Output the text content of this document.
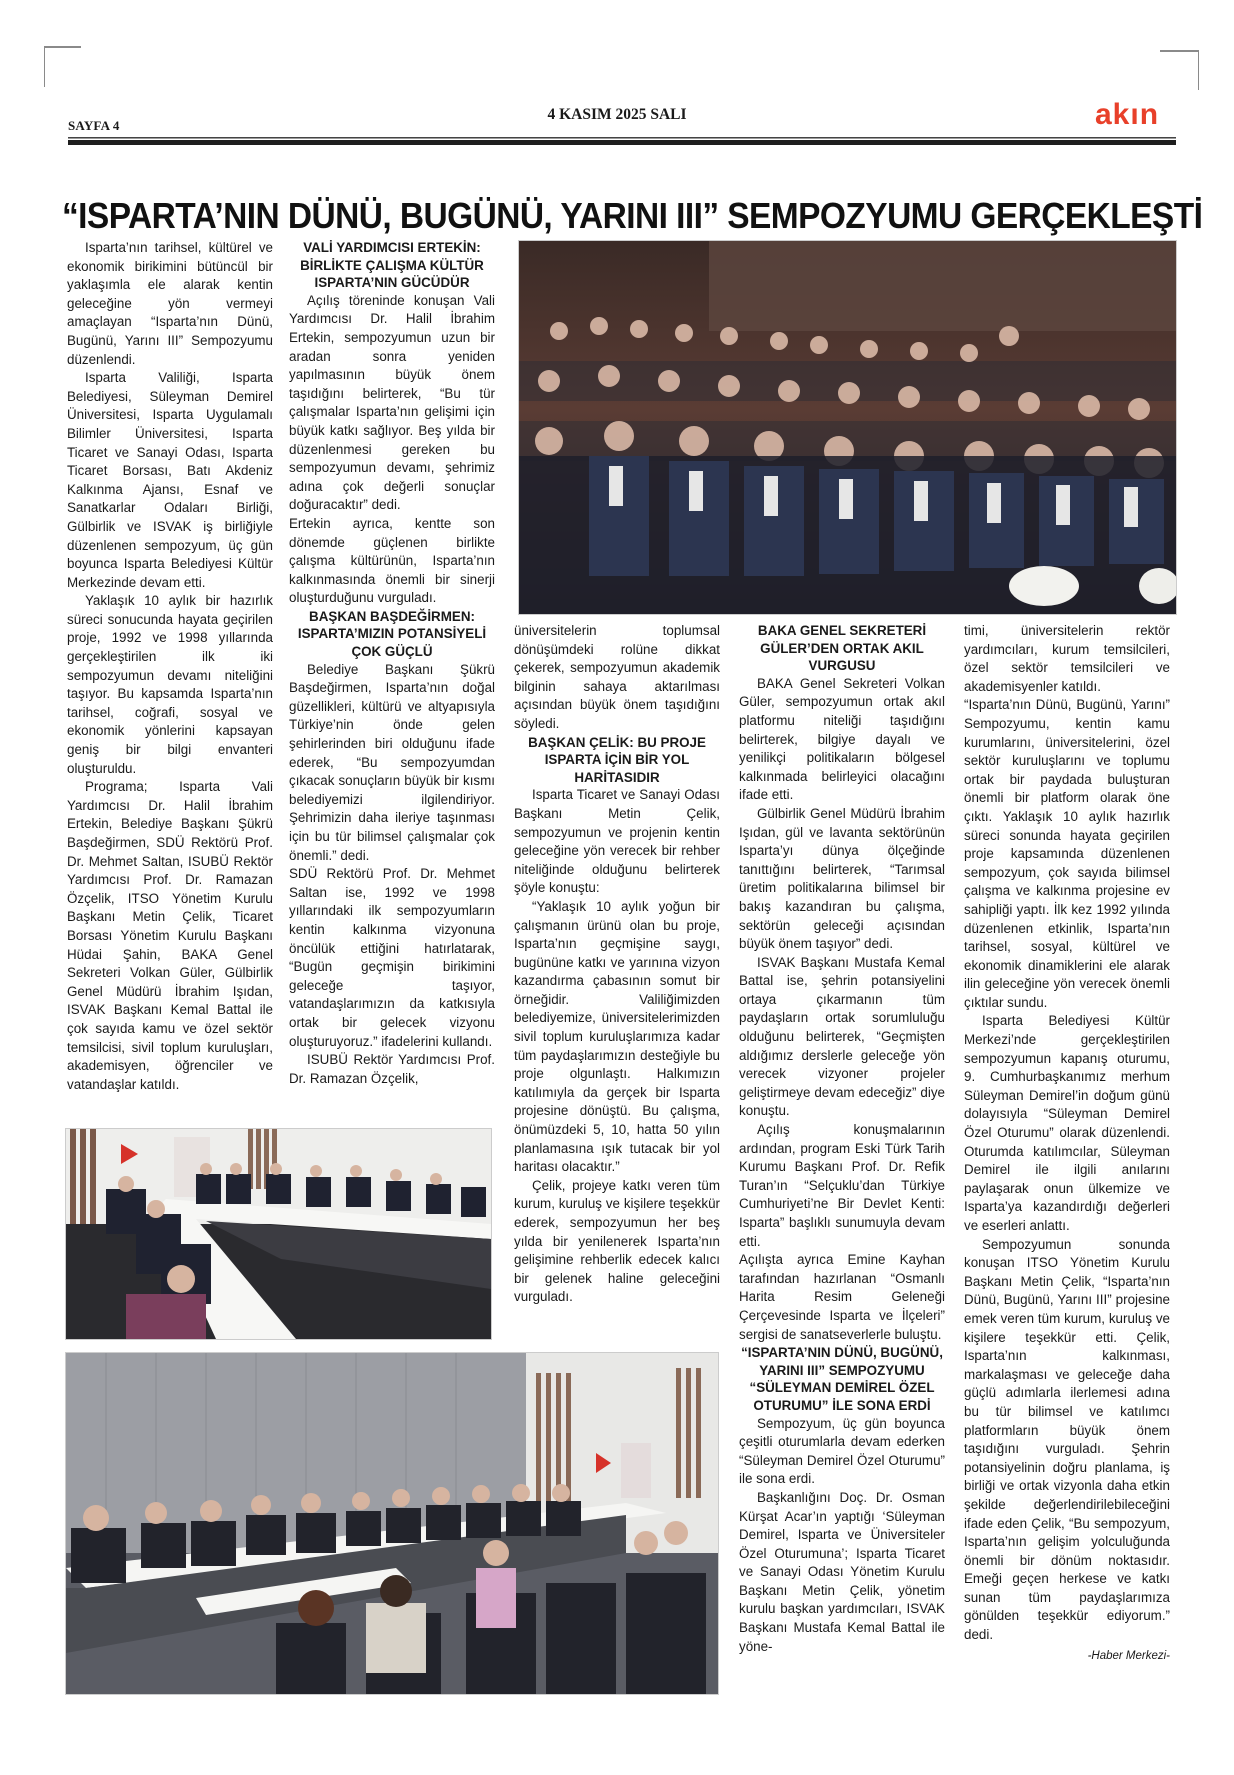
SAYFA 4
4 KASIM 2025 SALI	akın
“ISPARTA’NIN DÜNÜ, BUGÜNÜ, YARINI III” SEMPOZYUMU GERÇEKLEŞTİ

Isparta’nın tarihsel, kültürel ve ekonomik birikimini bütüncül bir yaklaşımla ele alarak kentin geleceğine yön vermeyi amaçlayan “Isparta’nın Dünü, Bugünü, Yarını III” Sempozyumu düzenlendi.

Isparta Valiliği, Isparta Belediyesi, Süleyman Demirel Üniversitesi, Isparta Uygulamalı Bilimler Üniversitesi, Isparta Ticaret ve Sanayi Odası, Isparta Ticaret Borsası, Batı Akdeniz Kalkınma Ajansı, Esnaf ve Sanatkarlar Odaları Birliği, Gülbirlik ve ISVAK iş birliğiyle düzenlenen sempozyum, üç gün boyunca Isparta Belediyesi Kültür Merkezinde devam etti.

Yaklaşık 10 aylık bir hazırlık süreci sonucunda hayata geçirilen proje, 1992 ve 1998 yıllarında gerçekleştirilen ilk iki sempozyumun devamı niteliğini taşıyor. Bu kapsamda Isparta’nın tarihsel, coğrafi, sosyal ve ekonomik yönlerini kapsayan geniş bir bilgi envanteri oluşturuldu.

Programa; Isparta Vali Yardımcısı Dr. Halil İbrahim Ertekin, Belediye Başkanı Şükrü Başdeğirmen, SDÜ Rektörü Prof. Dr. Mehmet Saltan, ISUBÜ Rektör Yardımcısı Prof. Dr. Ramazan Özçelik, ITSO Yönetim Kurulu Başkanı Metin Çelik, Ticaret Borsası Yönetim Kurulu Başkanı Hüdai Şahin, BAKA Genel Sekreteri Volkan Güler, Gülbirlik Genel Müdürü İbrahim Işıdan, ISVAK Başkanı Kemal Battal ile çok sayıda kamu ve özel sektör temsilcisi, sivil toplum kuruluşları, akademisyen, öğrenciler ve vatandaşlar katıldı.

VALİ YARDIMCISI ERTEKİN: BİRLİKTE ÇALIŞMA KÜLTÜR ISPARTA’NIN GÜCÜDÜR

Açılış töreninde konuşan Vali Yardımcısı Dr. Halil İbrahim Ertekin, sempozyumun uzun bir aradan sonra yeniden yapılmasının büyük önem taşıdığını belirterek, “Bu tür çalışmalar Isparta’nın gelişimi için büyük katkı sağlıyor. Beş yılda bir düzenlenmesi gereken bu sempozyumun devamı, şehrimiz adına çok değerli sonuçlar doğuracaktır” dedi.

Ertekin ayrıca, kentte son dönemde güçlenen birlikte çalışma kültürünün, Isparta’nın kalkınmasında önemli bir sinerji oluşturduğunu vurguladı.

BAŞKAN BAŞDEĞİRMEN: ISPARTA’MIZIN POTANSİYELİ ÇOK GÜÇLÜ

Belediye Başkanı Şükrü Başdeğirmen, Isparta’nın doğal güzellikleri, kültürü ve altyapısıyla Türkiye’nin önde gelen şehirlerinden biri olduğunu ifade ederek, “Bu sempozyumdan çıkacak sonuçların büyük bir kısmı belediyemizi ilgilendiriyor. Şehrimizin daha ileriye taşınması için bu tür bilimsel çalışmalar çok önemli.” dedi.

SDÜ Rektörü Prof. Dr. Mehmet Saltan ise, 1992 ve 1998 yıllarındaki ilk sempozyumların kentin kalkınma vizyonuna öncülük ettiğini hatırlatarak, “Bugün geçmişin birikimini geleceğe taşıyor, vatandaşlarımızın da katkısıyla ortak bir gelecek vizyonu oluşturuyoruz.” ifadelerini kullandı.

ISUBÜ Rektör Yardımcısı Prof. Dr. Ramazan Özçelik,

üniversitelerin toplumsal dönüşümdeki rolüne dikkat çekerek, sempozyumun akademik bilginin sahaya aktarılması açısından büyük önem taşıdığını söyledi.

BAŞKAN ÇELİK: BU PROJE ISPARTA İÇİN BİR YOL HARİTASIDIR

Isparta Ticaret ve Sanayi Odası Başkanı Metin Çelik, sempozyumun ve projenin kentin geleceğine yön verecek bir rehber niteliğinde olduğunu belirterek şöyle konuştu:

“Yaklaşık 10 aylık yoğun bir çalışmanın ürünü olan bu proje, Isparta’nın geçmişine saygı, bugününe katkı ve yarınına vizyon kazandırma çabasının somut bir örneğidir. Valiliğimizden belediyemize, üniversitelerimizden sivil toplum kuruluşlarımıza kadar tüm paydaşlarımızın desteğiyle bu proje olgunlaştı. Halkımızın katılımıyla da gerçek bir Isparta projesine dönüştü. Bu çalışma, önümüzdeki 5, 10, hatta 50 yılın planlamasına ışık tutacak bir yol haritası olacaktır.”

Çelik, projeye katkı veren tüm kurum, kuruluş ve kişilere teşekkür ederek, sempozyumun her beş yılda bir yenilenerek Isparta’nın gelişimine rehberlik edecek kalıcı bir gelenek haline geleceğini vurguladı.

BAKA GENEL SEKRETERİ GÜLER’DEN ORTAK AKIL VURGUSU

BAKA Genel Sekreteri Volkan Güler, sempozyumun ortak akıl platformu niteliği taşıdığını belirterek, bilgiye dayalı ve yenilikçi politikaların bölgesel kalkınmada belirleyici olacağını ifade etti.

Gülbirlik Genel Müdürü İbrahim Işıdan, gül ve lavanta sektörünün Isparta’yı dünya ölçeğinde tanıttığını belirterek, “Tarımsal üretim politikalarına bilimsel bir bakış kazandıran bu çalışma, sektörün geleceği açısından büyük önem taşıyor” dedi.

ISVAK Başkanı Mustafa Kemal Battal ise, şehrin potansiyelini ortaya çıkarmanın tüm paydaşların ortak sorumluluğu olduğunu belirterek, “Geçmişten aldığımız derslerle geleceğe yön verecek vizyoner projeler geliştirmeye devam edeceğiz” diye konuştu.

Açılış konuşmalarının ardından, program Eski Türk Tarih Kurumu Başkanı Prof. Dr. Refik Turan’ın “Selçuklu’dan Türkiye Cumhuriyeti’ne Bir Devlet Kenti: Isparta” başlıklı sunumuyla devam etti.

Açılışta ayrıca Emine Kayhan tarafından hazırlanan “Osmanlı Harita Resim Geleneği Çerçevesinde Isparta ve İlçeleri” sergisi de sanatseverlerle buluştu.

“ISPARTA’NIN DÜNÜ, BUGÜNÜ, YARINI III” SEMPOZYUMU “SÜLEYMAN DEMİREL ÖZEL OTURUMU” İLE SONA ERDİ

Sempozyum, üç gün boyunca çeşitli oturumlarla devam ederken “Süleyman Demirel Özel Oturumu” ile sona erdi.

Başkanlığını Doç. Dr. Osman Kürşat Acar’ın yaptığı ‘Süleyman Demirel, Isparta ve Üniversiteler Özel Oturumuna’; Isparta Ticaret ve Sanayi Odası Yönetim Kurulu Başkanı Metin Çelik, yönetim kurulu başkan yardımcıları, ISVAK Başkanı Mustafa Kemal Battal ile yöne-

timi, üniversitelerin rektör yardımcıları, kurum temsilcileri, özel sektör temsilcileri ve akademisyenler katıldı.

“Isparta’nın Dünü, Bugünü, Yarını” Sempozyumu, kentin kamu kurumlarını, üniversitelerini, özel sektör kuruluşlarını ve toplumu ortak bir paydada buluşturan önemli bir platform olarak öne çıktı. Yaklaşık 10 aylık hazırlık süreci sonunda hayata geçirilen proje kapsamında düzenlenen sempozyum, çok sayıda bilimsel çalışma ve kalkınma projesine ev sahipliği yaptı. İlk kez 1992 yılında düzenlenen etkinlik, Isparta’nın tarihsel, sosyal, kültürel ve ekonomik dinamiklerini ele alarak ilin geleceğine yön verecek önemli çıktılar sundu.

Isparta Belediyesi Kültür Merkezi’nde gerçekleştirilen sempozyumun kapanış oturumu, 9. Cumhurbaşkanımız merhum Süleyman Demirel’in doğum günü dolayısıyla “Süleyman Demirel Özel Oturumu” olarak düzenlendi. Oturumda katılımcılar, Süleyman Demirel ile ilgili anılarını paylaşarak onun ülkemize ve Isparta’ya kazandırdığı değerleri ve eserleri anlattı.

Sempozyumun sonunda konuşan ITSO Yönetim Kurulu Başkanı Metin Çelik, “Isparta’nın Dünü, Bugünü, Yarını III” projesine emek veren tüm kurum, kuruluş ve kişilere teşekkür etti. Çelik, Isparta’nın kalkınması, markalaşması ve geleceğe daha güçlü adımlarla ilerlemesi adına bu tür bilimsel ve katılımcı platformların büyük önem taşıdığını vurguladı. Şehrin potansiyelinin doğru planlama, iş birliği ve ortak vizyonla daha etkin şekilde değerlendirilebileceğini ifade eden Çelik, “Bu sempozyum, Isparta’nın gelişim yolculuğunda önemli bir dönüm noktasıdır. Emeği geçen herkese ve katkı sunan tüm paydaşlarımıza gönülden teşekkür ediyorum.” dedi.

-Haber Merkezi-
